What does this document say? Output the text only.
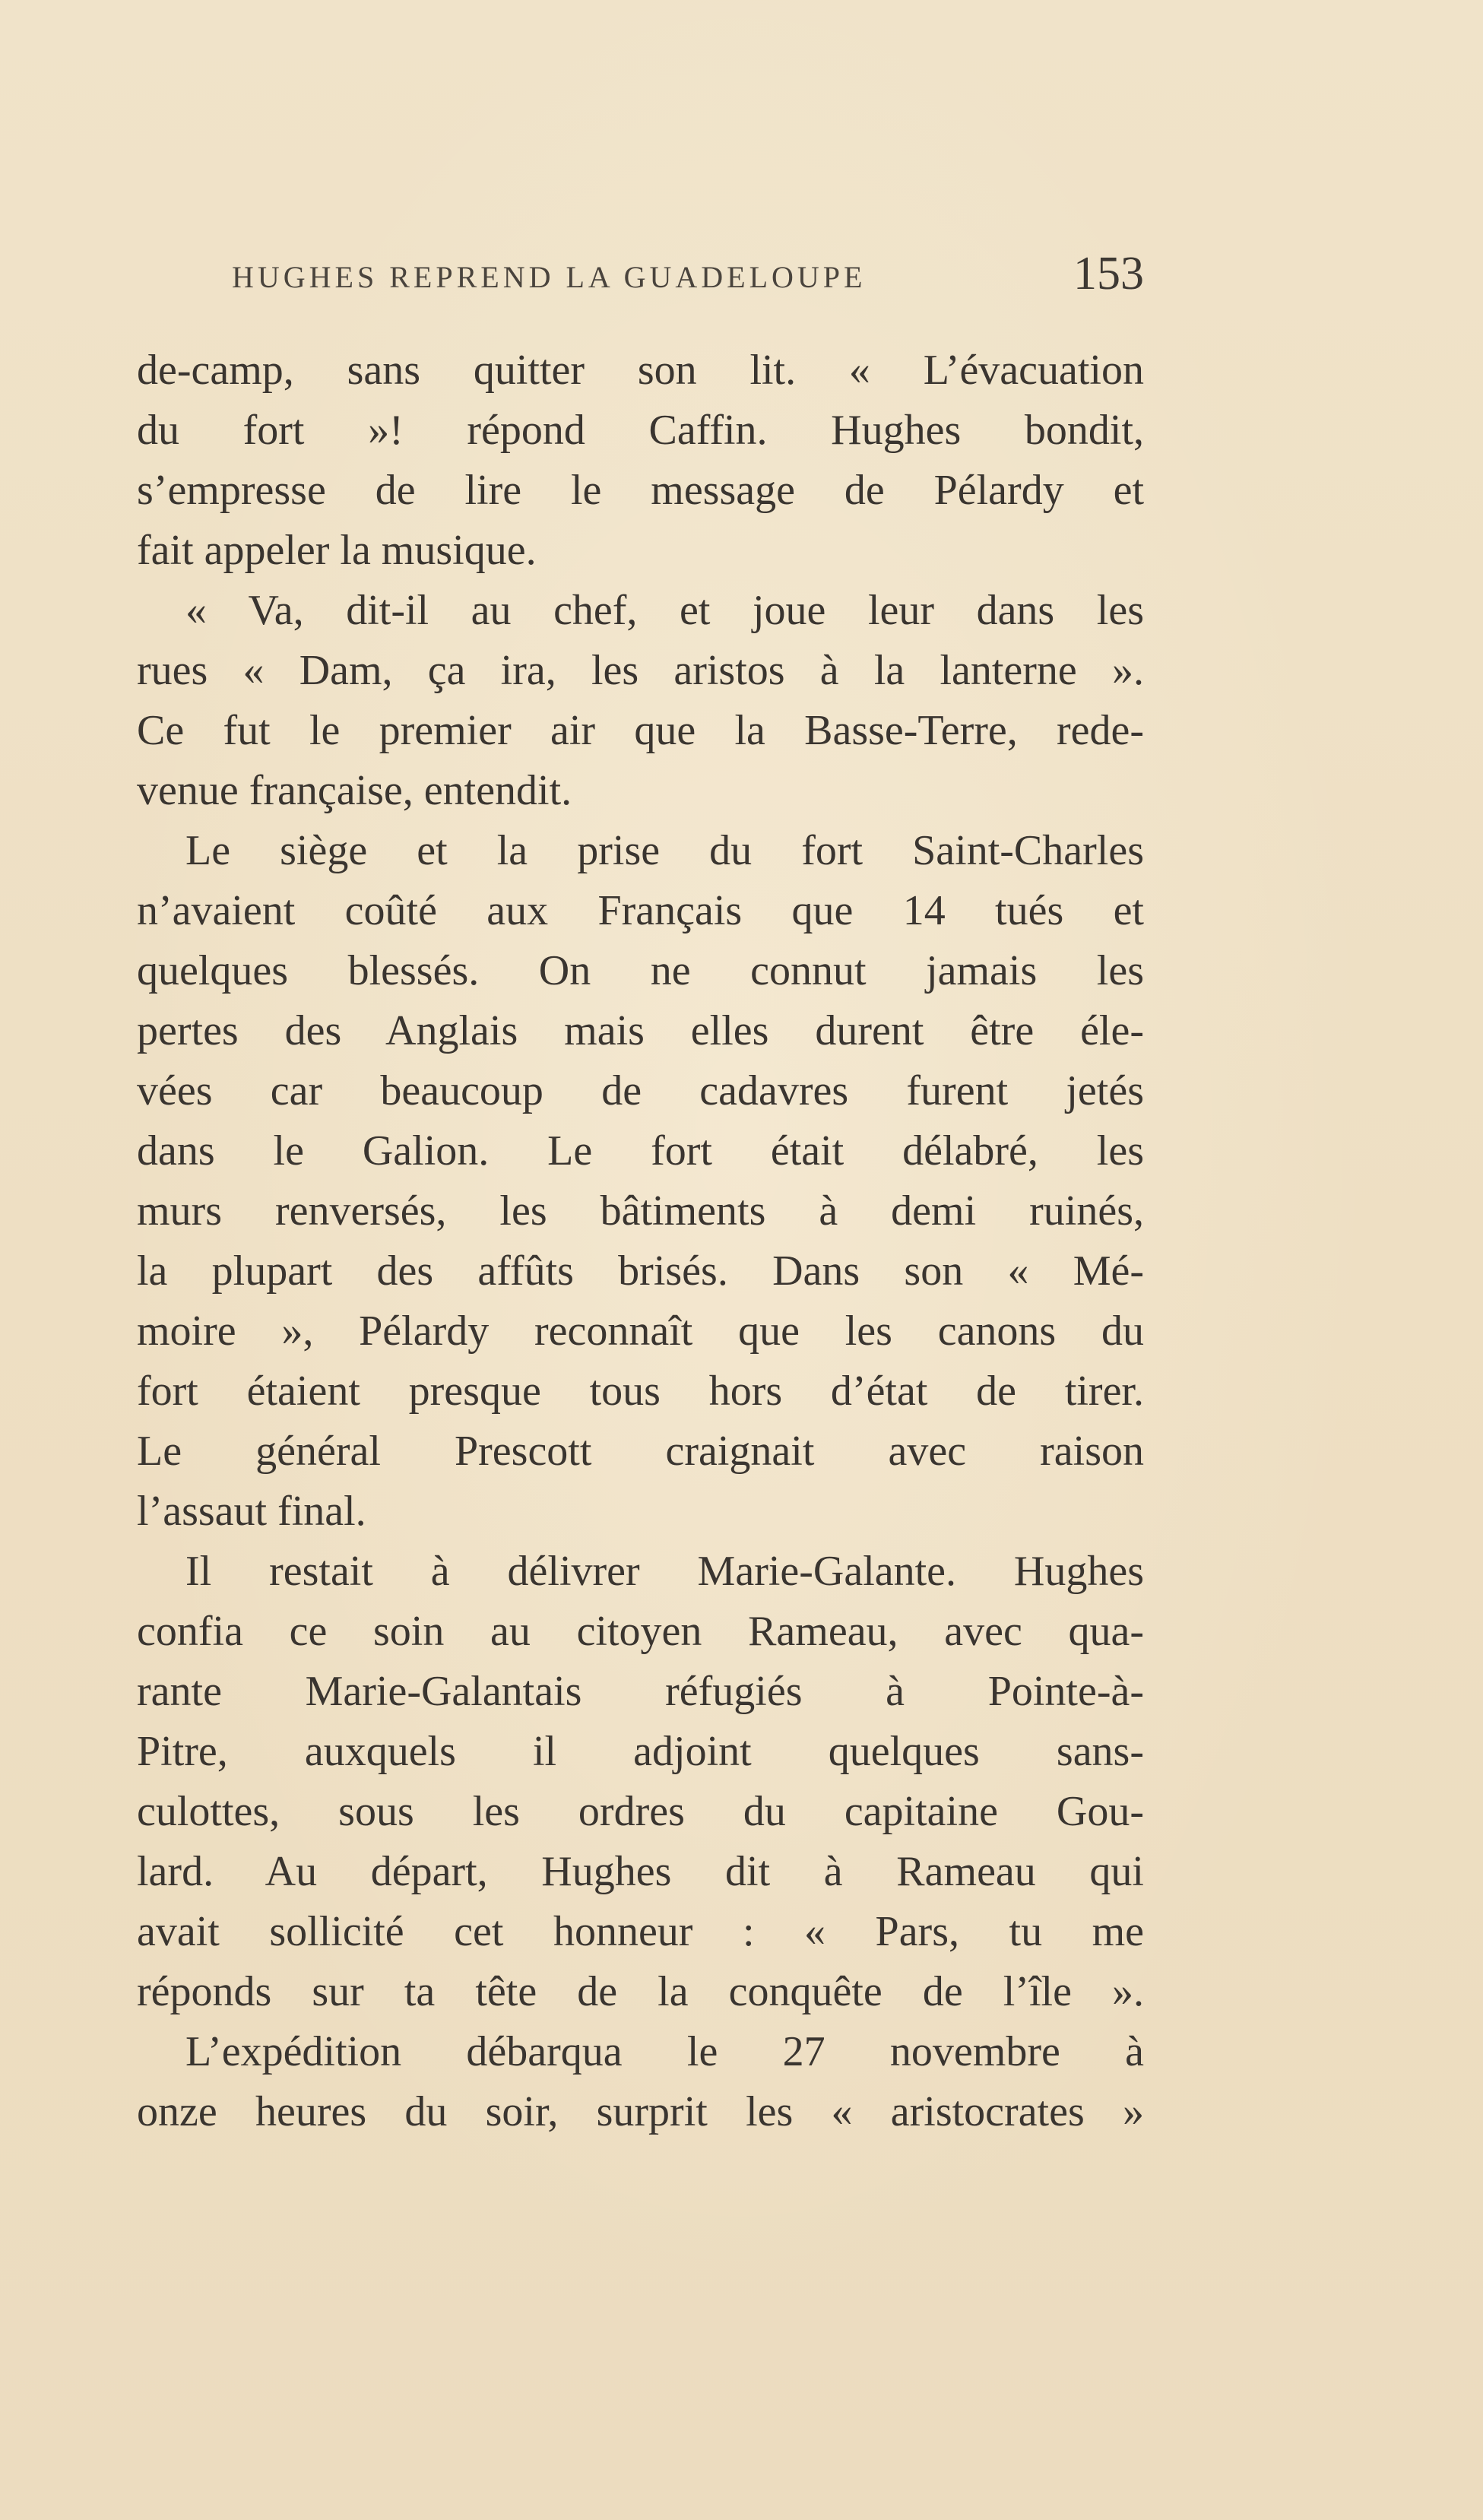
HUGHES REPREND LA GUADELOUPE	153
de-camp, sans quitter son lit. « L’évacuation
du fort »! répond Caffin. Hughes bondit,
s’empresse de lire le message de Pélardy et
fait appeler la musique.
« Va, dit-il au chef, et joue leur dans les
rues « Dam, ça ira, les aristos à la lanterne ».
Ce fut le premier air que la Basse-Terre, rede-
venue française, entendit.
Le siège et la prise du fort Saint-Charles
n’avaient coûté aux Français que 14 tués et
quelques blessés. On ne connut jamais les
pertes des Anglais mais elles durent être éle-
vées car beaucoup de cadavres furent jetés
dans le Galion. Le fort était délabré, les
murs renversés, les bâtiments à demi ruinés,
la plupart des affûts brisés. Dans son « Mé-
moire », Pélardy reconnaît que les canons du
fort étaient presque tous hors d’état de tirer.
Le général Prescott craignait avec raison
l’assaut final.
Il restait à délivrer Marie-Galante. Hughes
confia ce soin au citoyen Rameau, avec qua-
rante Marie-Galantais réfugiés à Pointe-à-
Pitre, auxquels il adjoint quelques sans-
culottes, sous les ordres du capitaine Gou-
lard. Au départ, Hughes dit à Rameau qui
avait sollicité cet honneur : « Pars, tu me
réponds sur ta tête de la conquête de l’île ».
L’expédition débarqua le 27 novembre à
onze heures du soir, surprit les « aristocrates »
